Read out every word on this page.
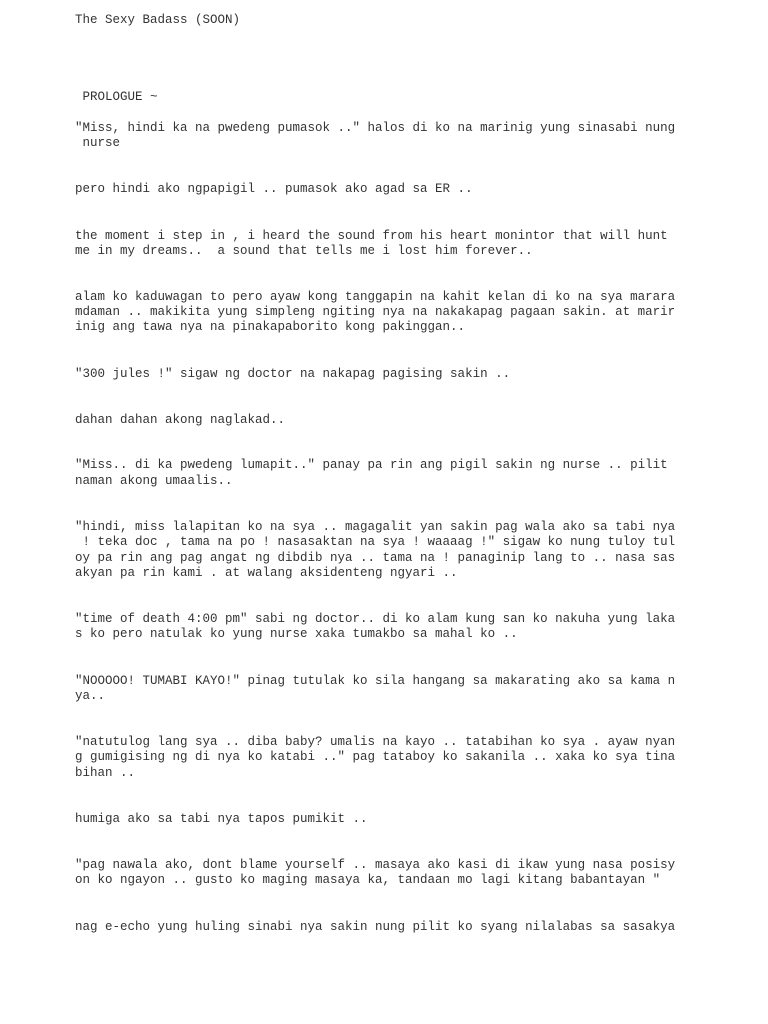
The Sexy Badass (SOON)

PROLOGUE ~

"Miss, hindi ka na pwedeng pumasok .." halos di ko na marinig yung sinasabi nung

nurse

pero hindi ako ngpapigil .. pumasok ako agad sa ER ..

the moment i step in , i heard the sound from his heart monintor that will hunt

me in my dreams..  a sound that tells me i lost him forever..

alam ko kaduwagan to pero ayaw kong tanggapin na kahit kelan di ko na sya marara

mdaman .. makikita yung simpleng ngiting nya na nakakapag pagaan sakin. at marir

inig ang tawa nya na pinakapaborito kong pakinggan..

"300 jules !" sigaw ng doctor na nakapag pagising sakin ..

dahan dahan akong naglakad..

"Miss.. di ka pwedeng lumapit.." panay pa rin ang pigil sakin ng nurse .. pilit

naman akong umaalis..

"hindi, miss lalapitan ko na sya .. magagalit yan sakin pag wala ako sa tabi nya

! teka doc , tama na po ! nasasaktan na sya ! waaaag !" sigaw ko nung tuloy tul

oy pa rin ang pag angat ng dibdib nya .. tama na ! panaginip lang to .. nasa sas

akyan pa rin kami . at walang aksidenteng ngyari ..

"time of death 4:00 pm" sabi ng doctor.. di ko alam kung san ko nakuha yung laka

s ko pero natulak ko yung nurse xaka tumakbo sa mahal ko ..

"NOOOOO! TUMABI KAYO!" pinag tutulak ko sila hangang sa makarating ako sa kama n

ya..

"natutulog lang sya .. diba baby? umalis na kayo .. tatabihan ko sya . ayaw nyan

g gumigising ng di nya ko katabi .." pag tataboy ko sakanila .. xaka ko sya tina

bihan ..

humiga ako sa tabi nya tapos pumikit ..

"pag nawala ako, dont blame yourself .. masaya ako kasi di ikaw yung nasa posisy

on ko ngayon .. gusto ko maging masaya ka, tandaan mo lagi kitang babantayan "

nag e-echo yung huling sinabi nya sakin nung pilit ko syang nilalabas sa sasakya
